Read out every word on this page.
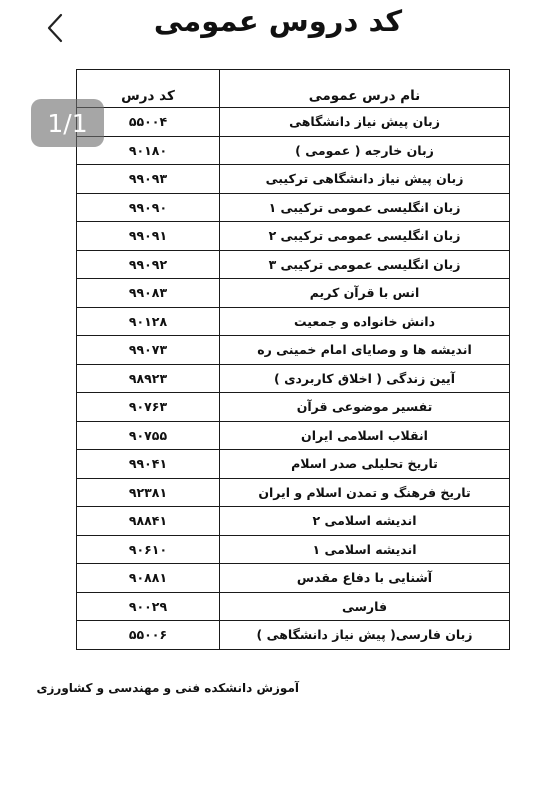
کد دروس عمومی
1/1
نام درس عمومی	کد درس
زبان پیش نیاز دانشگاهی	۵۵۰۰۴
زبان خارجه ( عمومی )	۹۰۱۸۰
زبان پیش نیاز دانشگاهی ترکیبی	۹۹۰۹۳
زبان انگلیسی عمومی ترکیبی ۱	۹۹۰۹۰
زبان انگلیسی عمومی ترکیبی ۲	۹۹۰۹۱
زبان انگلیسی عمومی ترکیبی ۳	۹۹۰۹۲
انس با قرآن کریم	۹۹۰۸۳
دانش خانواده و جمعیت	۹۰۱۲۸
اندیشه ها و وصایای امام خمینی ره	۹۹۰۷۳
آیین زندگی ( اخلاق کاربردی )	۹۸۹۲۳
تفسیر موضوعی قرآن	۹۰۷۶۳
انقلاب اسلامی ایران	۹۰۷۵۵
تاریخ تحلیلی صدر اسلام	۹۹۰۴۱
تاریخ فرهنگ و تمدن اسلام و ایران	۹۲۳۸۱
اندیشه اسلامی ۲	۹۸۸۴۱
اندیشه اسلامی ۱	۹۰۶۱۰
آشنایی با دفاع مقدس	۹۰۸۸۱
فارسی	۹۰۰۲۹
زبان فارسی( پیش نیاز دانشگاهی )	۵۵۰۰۶
آموزش دانشکده فنی و مهندسی و کشاورزی
